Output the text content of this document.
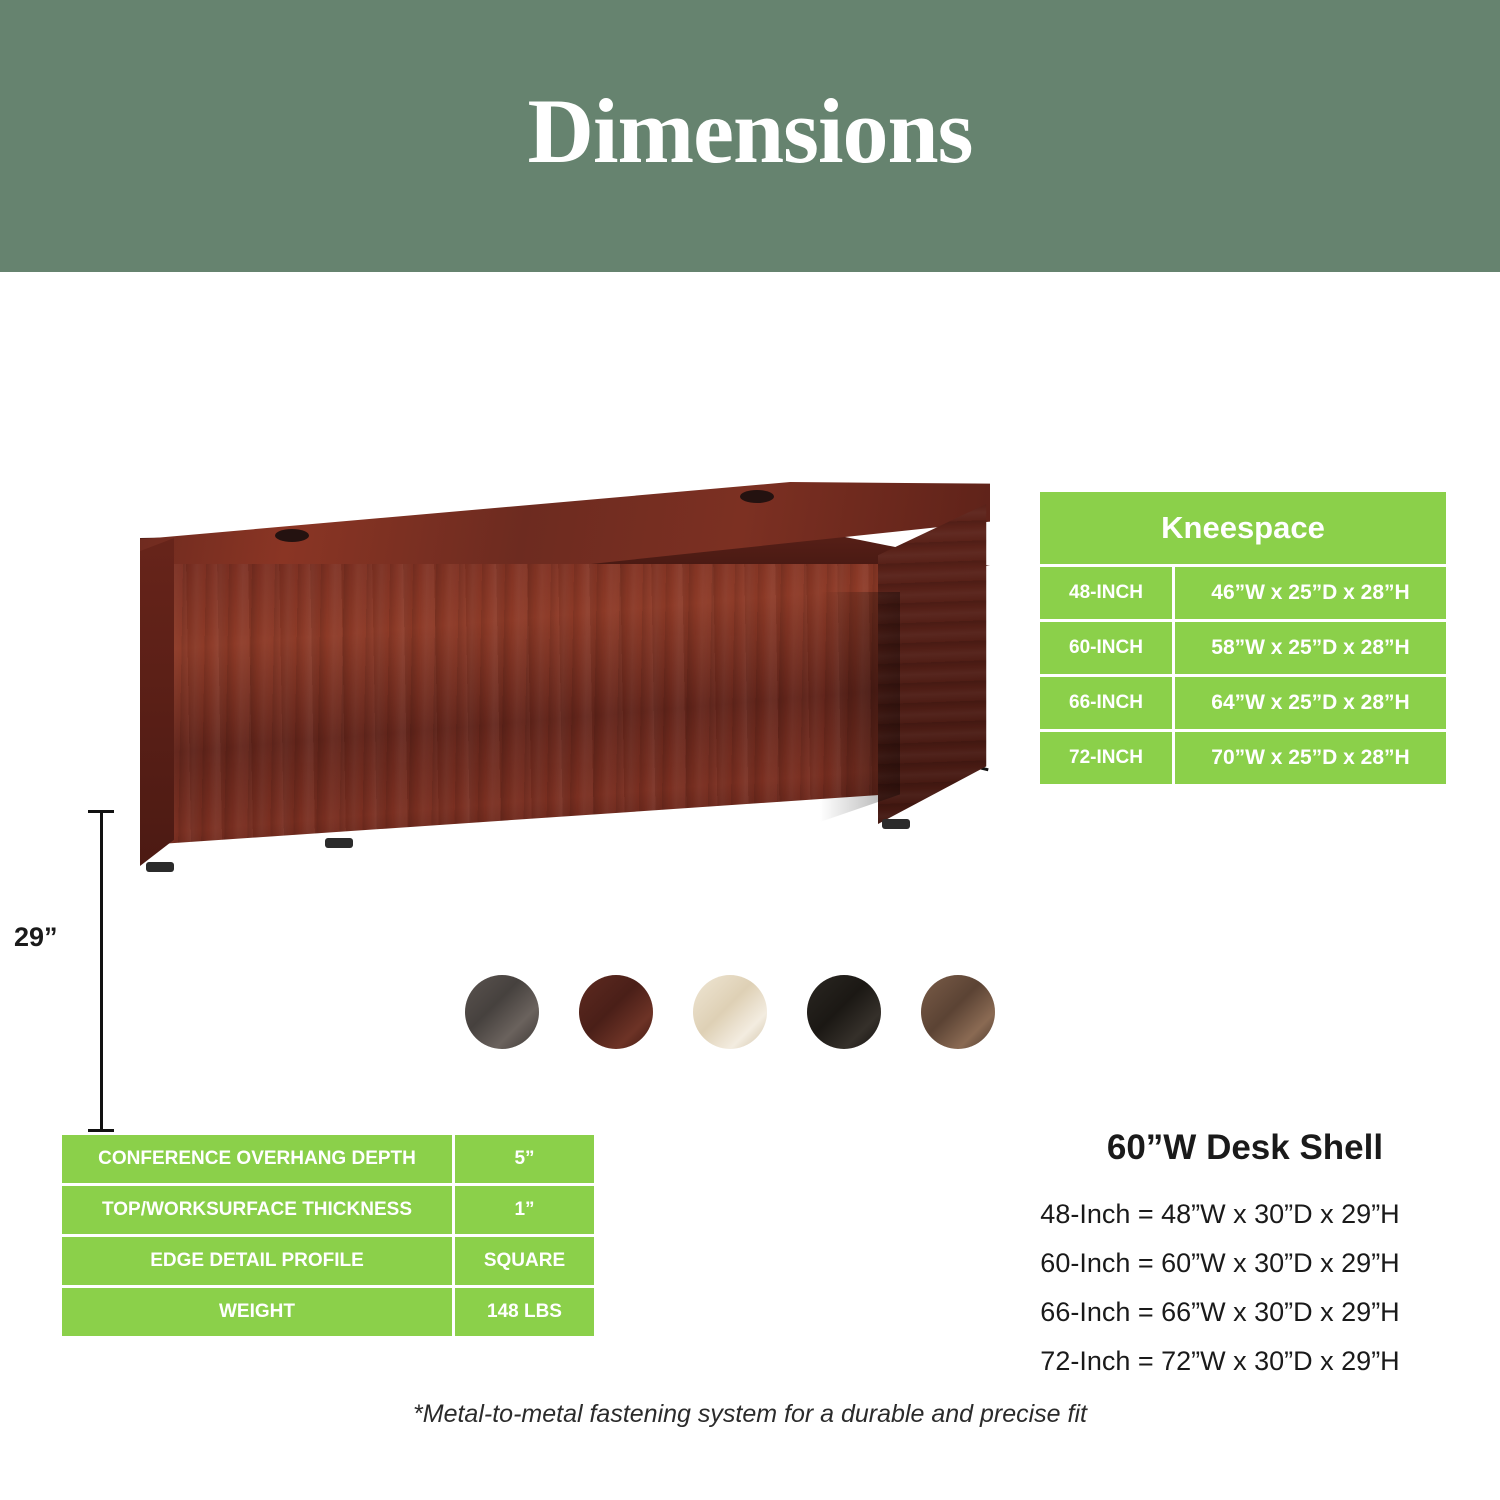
Dimensions
29”
Kneespace	
48-INCH	46”W x 25”D x 28”H
60-INCH	58”W x 25”D x 28”H
66-INCH	64”W x 25”D x 28”H
72-INCH	70”W x 25”D x 28”H
CONFERENCE OVERHANG DEPTH	5”
TOP/WORKSURFACE THICKNESS	1”
EDGE DETAIL PROFILE	SQUARE
WEIGHT	148 LBS
60”W Desk Shell
48-Inch = 48”W x 30”D x 29”H
60-Inch = 60”W x 30”D x 29”H
66-Inch = 66”W x 30”D x 29”H
72-Inch = 72”W x 30”D x 29”H
*Metal-to-metal fastening system for a durable and precise fit
